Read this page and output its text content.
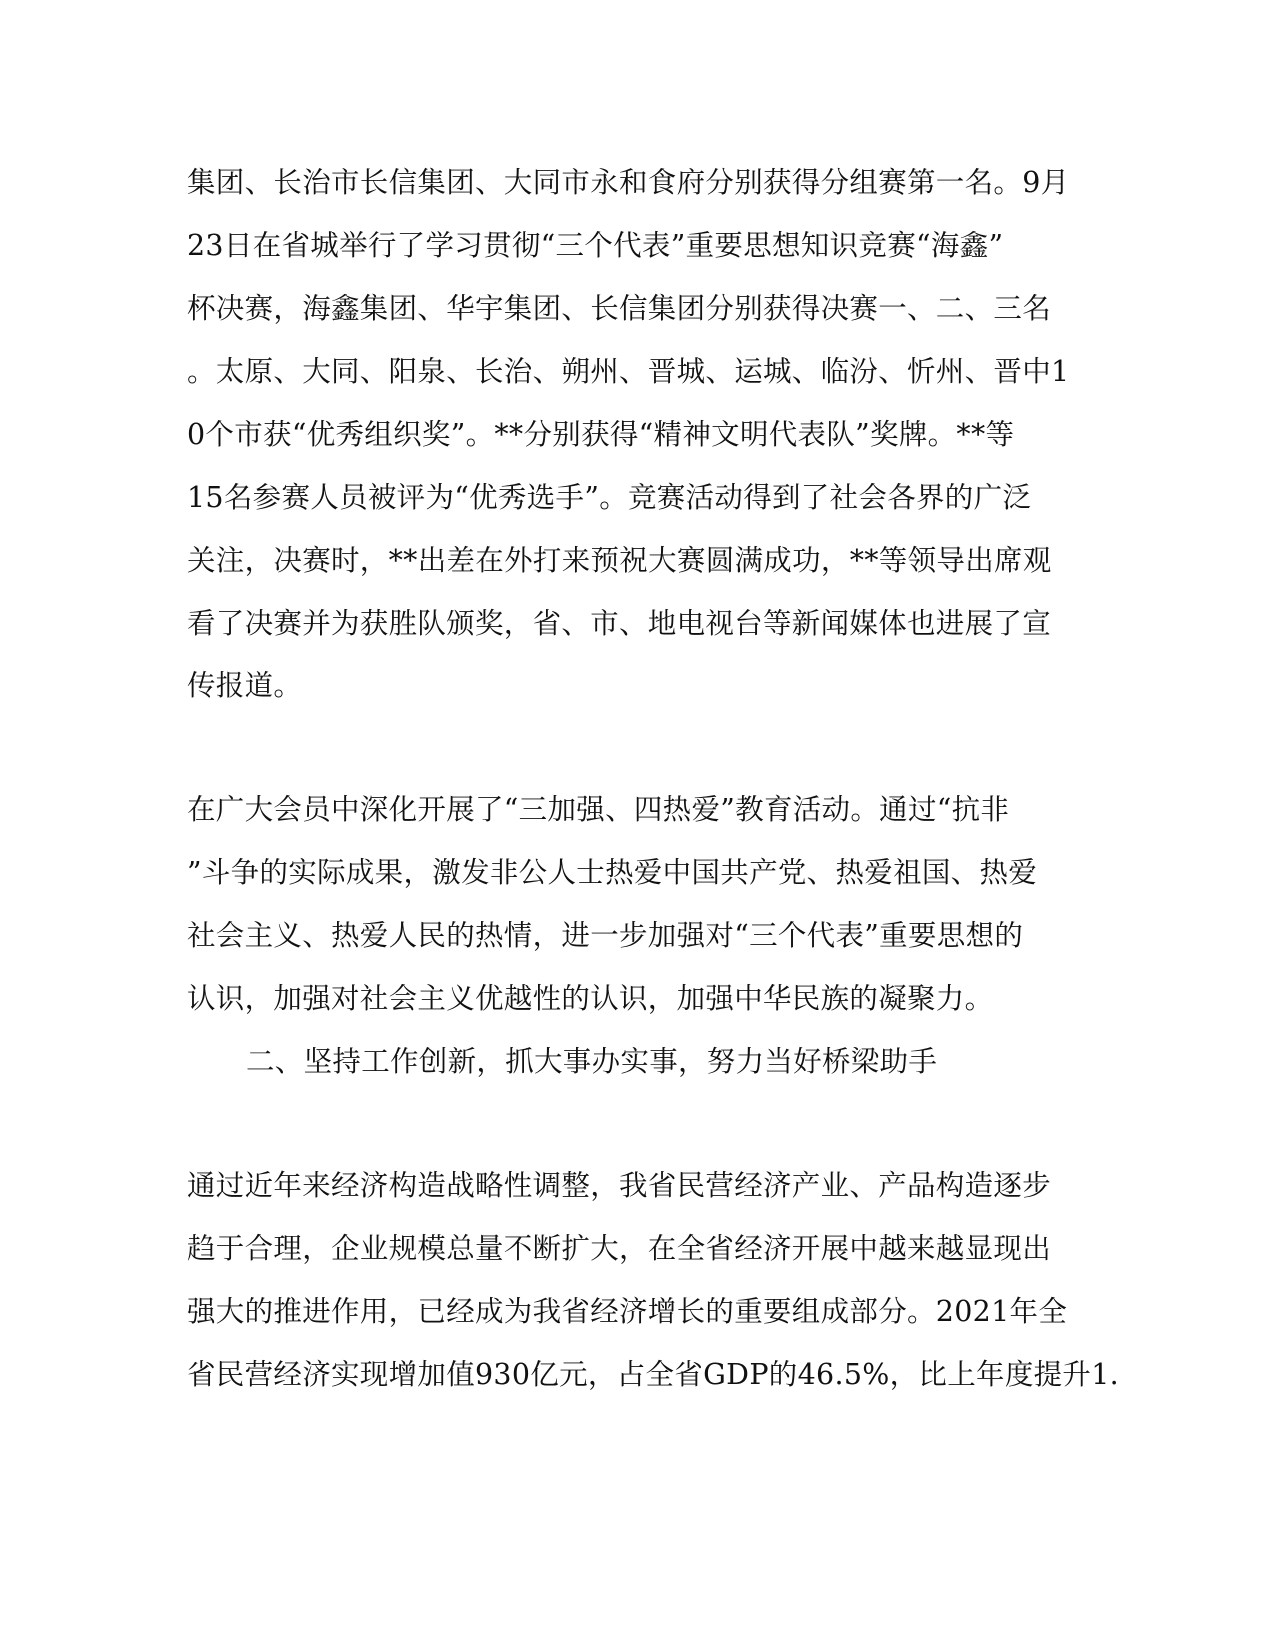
集团、长治市长信集团、大同市永和食府分别获得分组赛第一名。9月
23日在省城举行了学习贯彻“三个代表”重要思想知识竞赛“海鑫”
杯决赛，海鑫集团、华宇集团、长信集团分别获得决赛一、二、三名
。太原、大同、阳泉、长治、朔州、晋城、运城、临汾、忻州、晋中1
0个市获“优秀组织奖”。**分别获得“精神文明代表队”奖牌。**等
15名参赛人员被评为“优秀选手”。竞赛活动得到了社会各界的广泛
关注，决赛时，**出差在外打来预祝大赛圆满成功，**等领导出席观
看了决赛并为获胜队颁奖，省、市、地电视台等新闻媒体也进展了宣
传报道。
在广大会员中深化开展了“三加强、四热爱”教育活动。通过“抗非
”斗争的实际成果，激发非公人士热爱中国共产党、热爱祖国、热爱
社会主义、热爱人民的热情，进一步加强对“三个代表”重要思想的
认识，加强对社会主义优越性的认识，加强中华民族的凝聚力。
二、坚持工作创新，抓大事办实事，努力当好桥梁助手
通过近年来经济构造战略性调整，我省民营经济产业、产品构造逐步
趋于合理，企业规模总量不断扩大，在全省经济开展中越来越显现出
强大的推进作用，已经成为我省经济增长的重要组成部分。2021年全
省民营经济实现增加值930亿元，占全省GDP的46.5%，比上年度提升1.
